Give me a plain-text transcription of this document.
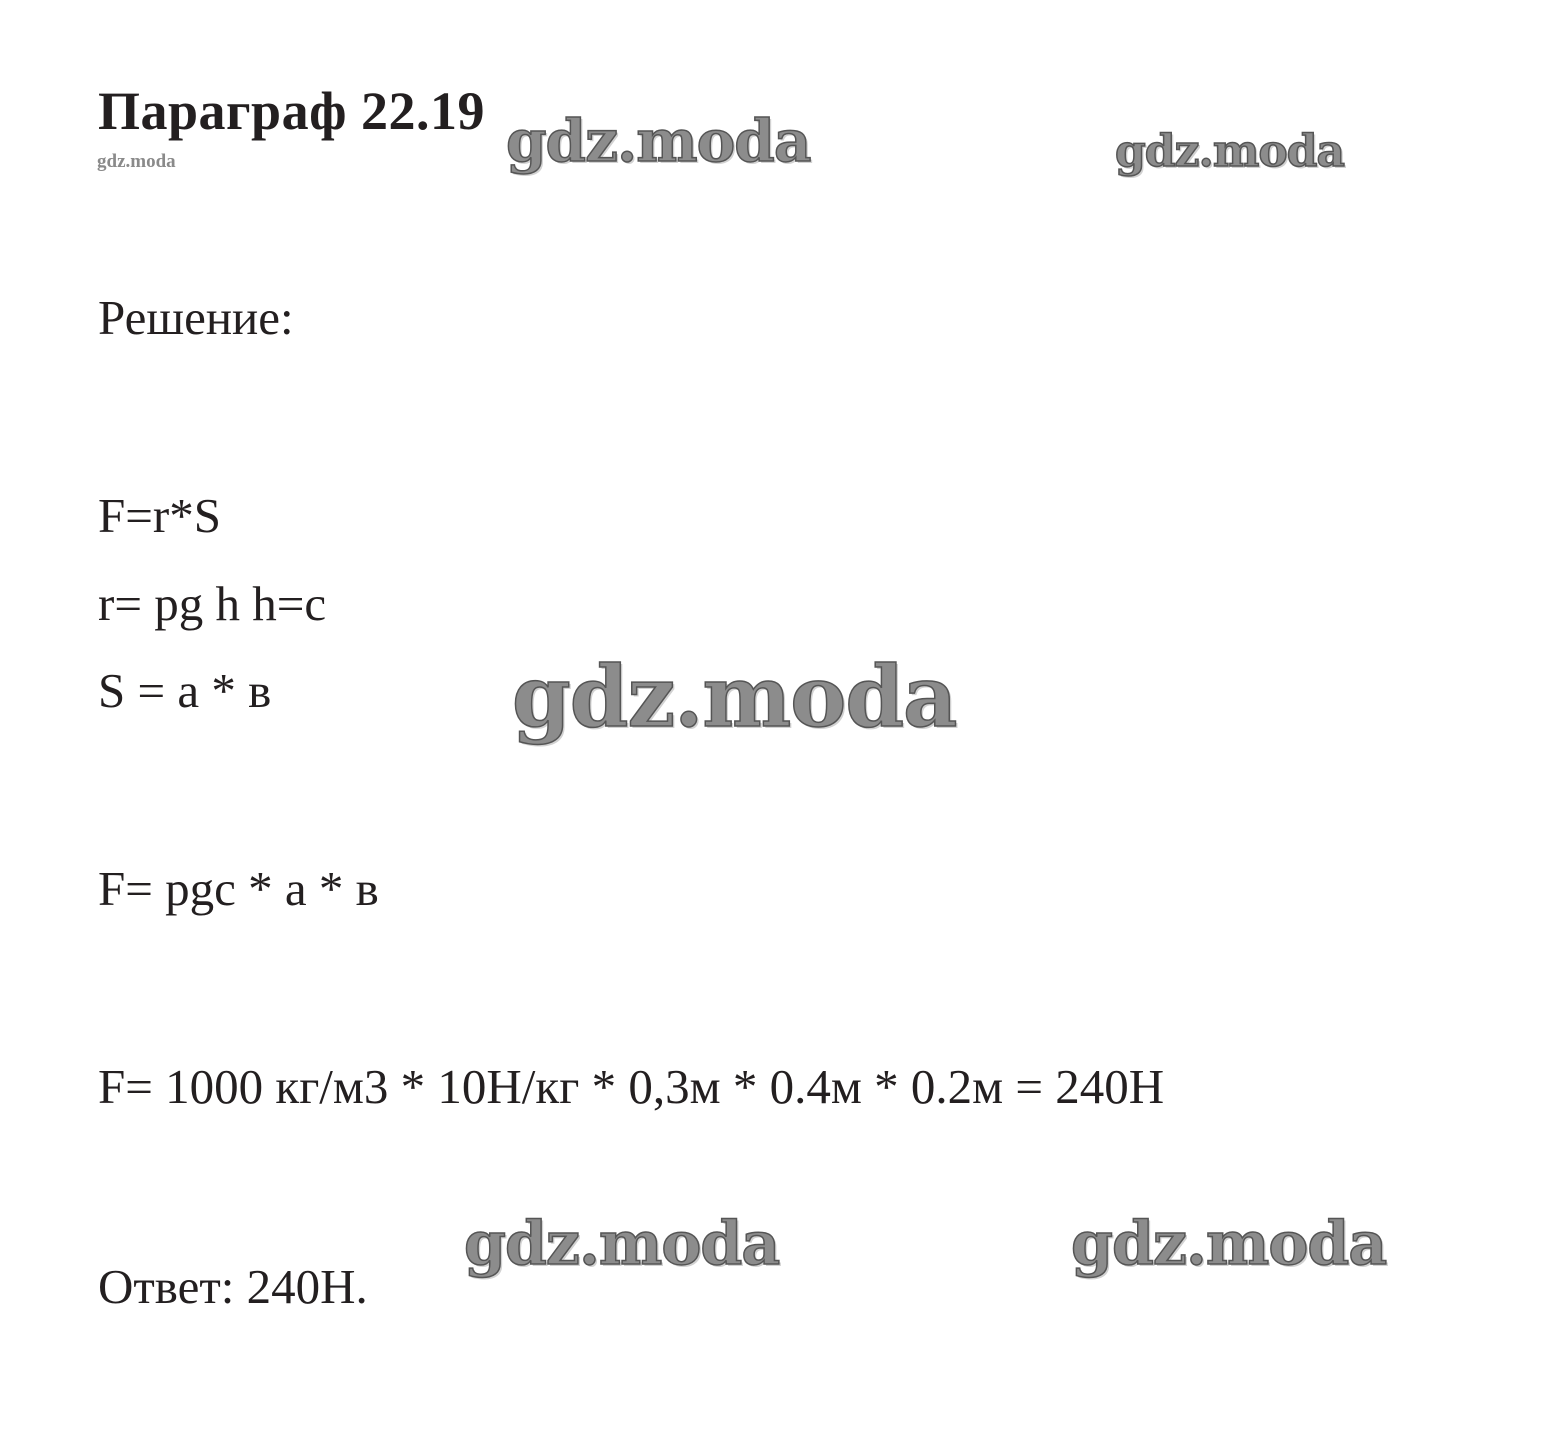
Параграф 22.19
gdz.moda	gdz.moda	gdz.moda
Решение:
F=r*S
r= pg h h=c
S = a * в	gdz.moda
F= pgc * a * в
F= 1000 кг/м3 * 10Н/кг * 0,3м * 0.4м * 0.2м = 240Н
gdz.moda	gdz.moda
Ответ: 240Н.
